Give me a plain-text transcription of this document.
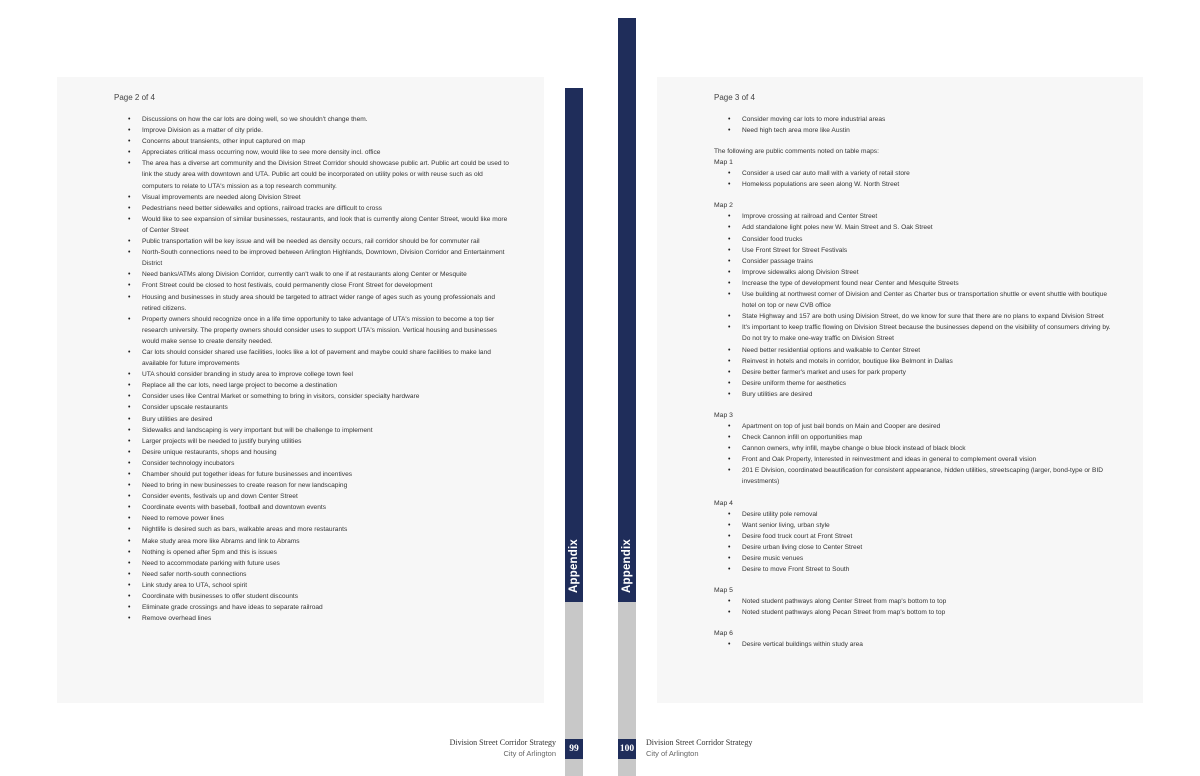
Page 2 of 4

• Discussions on how the car lots are doing well, so we shouldn't change them.
• Improve Division as a matter of city pride.
• Concerns about transients, other input captured on map
• Appreciates critical mass occurring now, would like to see more density incl. office
• The area has a diverse art community and the Division Street Corridor should showcase public art. Public art could be used to link the study area with downtown and UTA. Public art could be incorporated on utility poles or with reuse such as old computers to relate to UTA's mission as a top research community.
• Visual improvements are needed along Division Street
• Pedestrians need better sidewalks and options, railroad tracks are difficult to cross
• Would like to see expansion of similar businesses, restaurants, and look that is currently along Center Street, would like more of Center Street
• Public transportation will be key issue and will be needed as density occurs, rail corridor should be for commuter rail
• North-South connections need to be improved between Arlington Highlands, Downtown, Division Corridor and Entertainment District
• Need banks/ATMs along Division Corridor, currently can't walk to one if at restaurants along Center or Mesquite
• Front Street could be closed to host festivals, could permanently close Front Street for development
• Housing and businesses in study area should be targeted to attract wider range of ages such as young professionals and retired citizens.
• Property owners should recognize once in a life time opportunity to take advantage of UTA's mission to become a top tier research university. The property owners should consider uses to support UTA's mission. Vertical housing and businesses would make sense to create density needed.
• Car lots should consider shared use facilities, looks like a lot of pavement and maybe could share facilities to make land available for future improvements
• UTA should consider branding in study area to improve college town feel
• Replace all the car lots, need large project to become a destination
• Consider uses like Central Market or something to bring in visitors, consider specialty hardware
• Consider upscale restaurants
• Bury utilities are desired
• Sidewalks and landscaping is very important but will be challenge to implement
• Larger projects will be needed to justify burying utilities
• Desire unique restaurants, shops and housing
• Consider technology incubators
• Chamber should put together ideas for future businesses and incentives
• Need to bring in new businesses to create reason for new landscaping
• Consider events, festivals up and down Center Street
• Coordinate events with baseball, football and downtown events
• Need to remove power lines
• Nightlife is desired such as bars, walkable areas and more restaurants
• Make study area more like Abrams and link to Abrams
• Nothing is opened after 5pm and this is issues
• Need to accommodate parking with future uses
• Need safer north-south connections
• Link study area to UTA, school spirit
• Coordinate with businesses to offer student discounts
• Eliminate grade crossings and have ideas to separate railroad
• Remove overhead lines

Page 3 of 4

• Consider moving car lots to more industrial areas
• Need high tech area more like Austin

The following are public comments noted on table maps:

Map 1

• Consider a used car auto mall with a variety of retail store
• Homeless populations are seen along W. North Street

Map 2

• Improve crossing at railroad and Center Street
• Add standalone light poles new W. Main Street and S. Oak Street
• Consider food trucks
• Use Front Street for Street Festivals
• Consider passage trains
• Improve sidewalks along Division Street
• Increase the type of development found near Center and Mesquite Streets
• Use building at northwest corner of Division and Center as Charter bus or transportation shuttle or event shuttle with boutique hotel on top or new CVB office
• State Highway and 157 are both using Division Street, do we know for sure that there are no plans to expand Division Street
• It's important to keep traffic flowing on Division Street because the businesses depend on the visibility of consumers driving by. Do not try to make one-way traffic on Division Street
• Need better residential options and walkable to Center Street
• Reinvest in hotels and motels in corridor, boutique like Belmont in Dallas
• Desire better farmer's market and uses for park property
• Desire uniform theme for aesthetics
• Bury utilities are desired

Map 3

• Apartment on top of just bail bonds on Main and Cooper are desired
• Check Cannon infill on opportunities map
• Cannon owners, why infill, maybe change o blue block instead of black block
• Front and Oak Property, Interested in reinvestment and ideas in general to complement overall vision
• 201 E Division, coordinated beautification for consistent appearance, hidden utilities, streetscaping (larger, bond-type or BID investments)

Map 4

• Desire utility pole removal
• Want senior living, urban style
• Desire food truck court at Front Street
• Desire urban living close to Center Street
• Desire music venues
• Desire to move Front Street to South

Map 5

• Noted student pathways along Center Street from map's bottom to top
• Noted student pathways along Pecan Street from map's bottom to top

Map 6

• Desire vertical buildings within study area
Appendix	Appendix
Division Street Corridor Strategy
City of Arlington	99	100
Division Street Corridor Strategy
City of Arlington
